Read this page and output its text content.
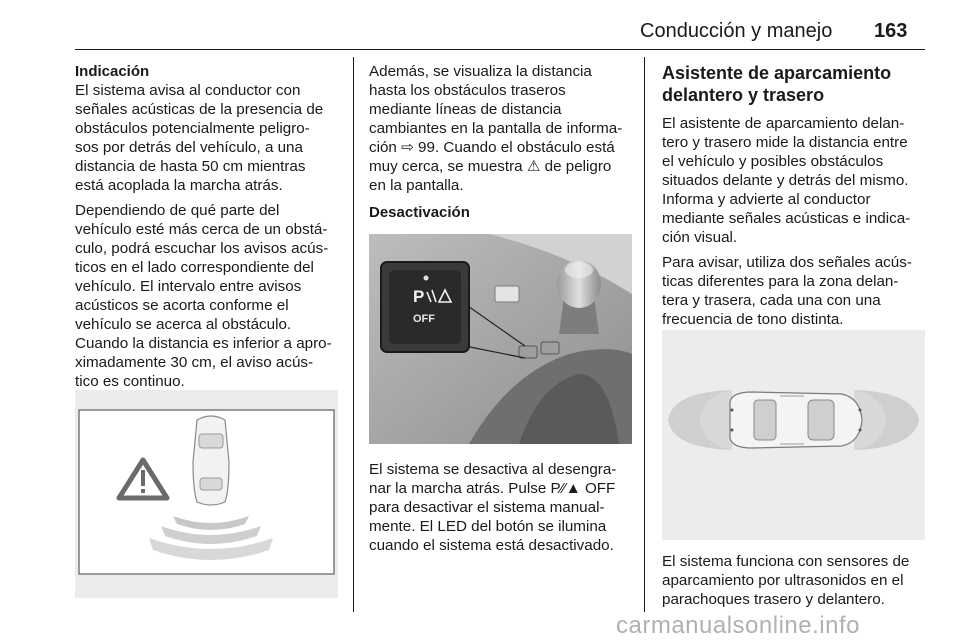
Conducción y manejo 163
Indicación

El sistema avisa al conductor con
señales acústicas de la presencia de
obstáculos potencialmente peligro-
sos por detrás del vehículo, a una
distancia de hasta 50 cm mientras
está acoplada la marcha atrás.

Dependiendo de qué parte del
vehículo esté más cerca de un obstá-
culo, podrá escuchar los avisos acús-
ticos en el lado correspondiente del
vehículo. El intervalo entre avisos
acústicos se acorta conforme el
vehículo se acerca al obstáculo.
Cuando la distancia es inferior a apro-
ximadamente 30 cm, el aviso acús-
tico es continuo.

Además, se visualiza la distancia
hasta los obstáculos traseros
mediante líneas de distancia
cambiantes en la pantalla de informa-
ción ⇨ 99. Cuando el obstáculo está
muy cerca, se muestra ⚠ de peligro
en la pantalla.

Desactivación
P
OFF

El sistema se desactiva al desengra-
nar la marcha atrás. Pulse P⁄⁄▲ OFF
para desactivar el sistema manual-
mente. El LED del botón se ilumina
cuando el sistema está desactivado.

Asistente de aparcamiento
delantero y trasero

El asistente de aparcamiento delan-
tero y trasero mide la distancia entre
el vehículo y posibles obstáculos
situados delante y detrás del mismo.
Informa y advierte al conductor
mediante señales acústicas e indica-
ción visual.

Para avisar, utiliza dos señales acús-
ticas diferentes para la zona delan-
tera y trasera, cada una con una
frecuencia de tono distinta.

El sistema funciona con sensores de
aparcamiento por ultrasonidos en el
parachoques trasero y delantero.

carmanualsonline.info
